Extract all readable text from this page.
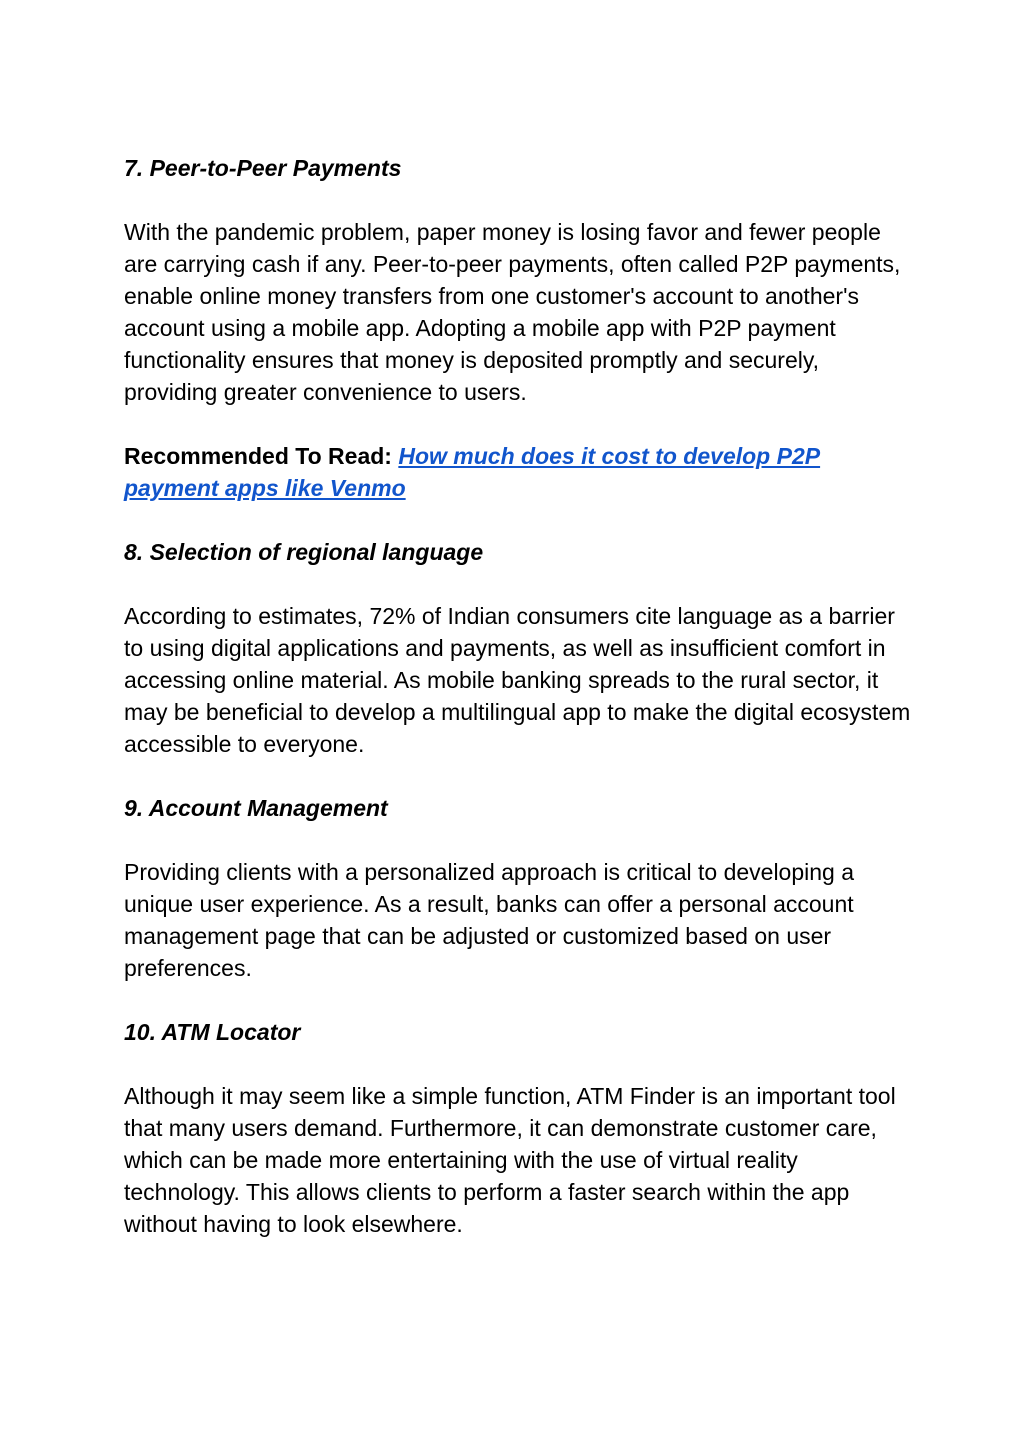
7. Peer-to-Peer Payments

With the pandemic problem, paper money is losing favor and fewer people are carrying cash if any. Peer-to-peer payments, often called P2P payments, enable online money transfers from one customer's account to another's account using a mobile app. Adopting a mobile app with P2P payment functionality ensures that money is deposited promptly and securely, providing greater convenience to users.

Recommended To Read: How much does it cost to develop P2P payment apps like Venmo

8. Selection of regional language

According to estimates, 72% of Indian consumers cite language as a barrier to using digital applications and payments, as well as insufficient comfort in accessing online material. As mobile banking spreads to the rural sector, it may be beneficial to develop a multilingual app to make the digital ecosystem accessible to everyone.

9. Account Management

Providing clients with a personalized approach is critical to developing a unique user experience. As a result, banks can offer a personal account management page that can be adjusted or customized based on user preferences.

10. ATM Locator

Although it may seem like a simple function, ATM Finder is an important tool that many users demand. Furthermore, it can demonstrate customer care, which can be made more entertaining with the use of virtual reality technology. This allows clients to perform a faster search within the app without having to look elsewhere.
